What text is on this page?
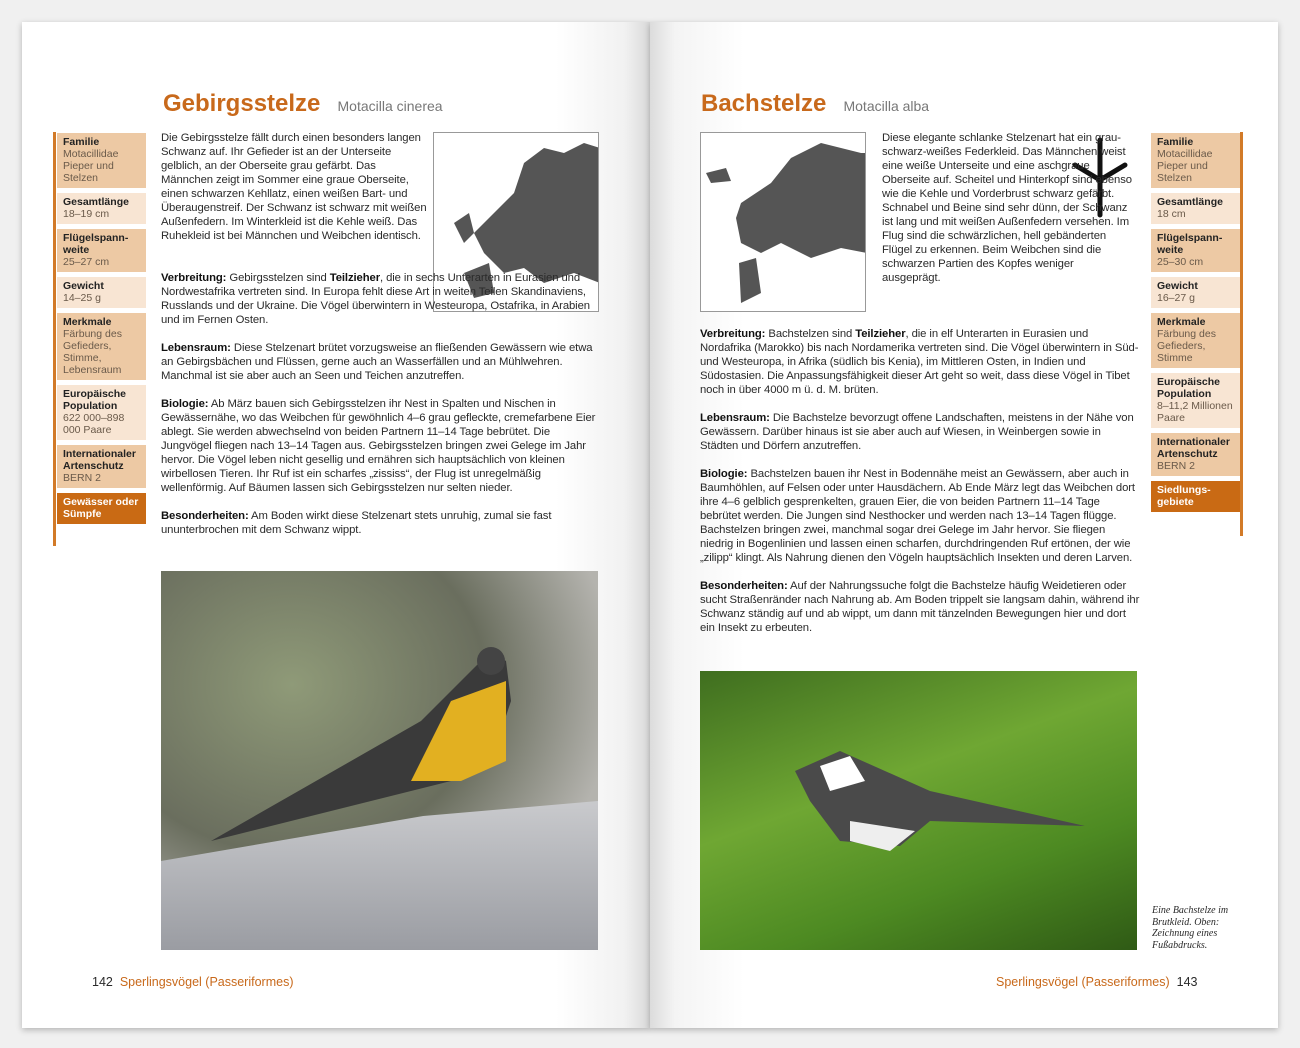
Gebirgsstelze Motacilla cinerea
Familie
Motacillidae Pieper und Stelzen
Gesamtlänge
18–19 cm
Flügelspann-weite
25–27 cm
Gewicht
14–25 g
Merkmale
Färbung des Gefieders, Stimme, Lebensraum
Europäische Population
622 000–898 000 Paare
Internationaler Artenschutz
BERN 2
Gewässer oder Sümpfe

Die Gebirgsstelze fällt durch einen besonders langen Schwanz auf. Ihr Gefieder ist an der Unterseite gelblich, an der Oberseite grau gefärbt. Das Männchen zeigt im Sommer eine graue Oberseite, einen schwarzen Kehllatz, einen weißen Bart- und Überaugenstreif. Der Schwanz ist schwarz mit weißen Außenfedern. Im Winterkleid ist die Kehle weiß. Das Ruhekleid ist bei Männchen und Weibchen identisch.

Verbreitung: Gebirgsstelzen sind Teilzieher, die in sechs Unterarten in Eurasien und Nordwestafrika vertreten sind. In Europa fehlt diese Art in weiten Teilen Skandinaviens, Russlands und der Ukraine. Die Vögel überwintern in Westeuropa, Ostafrika, in Arabien und im Fernen Osten.

Lebensraum: Diese Stelzenart brütet vorzugsweise an fließenden Gewässern wie etwa an Gebirgsbächen und Flüssen, gerne auch an Wasserfällen und an Mühlwehren. Manchmal ist sie aber auch an Seen und Teichen anzutreffen.

Biologie: Ab März bauen sich Gebirgsstelzen ihr Nest in Spalten und Nischen in Gewässernähe, wo das Weibchen für gewöhnlich 4–6 grau gefleckte, cremefarbene Eier ablegt. Sie werden abwechselnd von beiden Partnern 11–14 Tage bebrütet. Die Jungvögel fliegen nach 13–14 Tagen aus. Gebirgsstelzen bringen zwei Gelege im Jahr hervor. Die Vögel leben nicht gesellig und ernähren sich hauptsächlich von kleinen wirbellosen Tieren. Ihr Ruf ist ein scharfes „zississ“, der Flug ist unregelmäßig wellenförmig. Auf Bäumen lassen sich Gebirgsstelzen nur selten nieder.

Besonderheiten: Am Boden wirkt diese Stelzenart stets unruhig, zumal sie fast ununterbrochen mit dem Schwanz wippt.

142 Sperlingsvögel (Passeriformes)
Bachstelze Motacilla alba
Familie
Motacillidae Pieper und Stelzen
Gesamtlänge
18 cm
Flügelspann-weite
25–30 cm
Gewicht
16–27 g
Merkmale
Färbung des Gefieders, Stimme
Europäische Population
8–11,2 Millionen Paare
Internationaler Artenschutz
BERN 2
Siedlungs-gebiete

Diese elegante schlanke Stelzenart hat ein grau-schwarz-weißes Federkleid. Das Männchen weist eine weiße Unterseite und eine aschgraue Oberseite auf. Scheitel und Hinterkopf sind ebenso wie die Kehle und Vorderbrust schwarz gefärbt. Schnabel und Beine sind sehr dünn, der Schwanz ist lang und mit weißen Außenfedern versehen. Im Flug sind die schwärzlichen, hell gebänderten Flügel zu erkennen. Beim Weibchen sind die schwarzen Partien des Kopfes weniger ausgeprägt.

Verbreitung: Bachstelzen sind Teilzieher, die in elf Unterarten in Eurasien und Nordafrika (Marokko) bis nach Nordamerika vertreten sind. Die Vögel überwintern in Süd- und Westeuropa, in Afrika (südlich bis Kenia), im Mittleren Osten, in Indien und Südostasien. Die Anpassungsfähigkeit dieser Art geht so weit, dass diese Vögel in Tibet noch in über 4000 m ü. d. M. brüten.

Lebensraum: Die Bachstelze bevorzugt offene Landschaften, meistens in der Nähe von Gewässern. Darüber hinaus ist sie aber auch auf Wiesen, in Weinbergen sowie in Städten und Dörfern anzutreffen.

Biologie: Bachstelzen bauen ihr Nest in Bodennähe meist an Gewässern, aber auch in Baumhöhlen, auf Felsen oder unter Hausdächern. Ab Ende März legt das Weibchen dort ihre 4–6 gelblich gesprenkelten, grauen Eier, die von beiden Partnern 11–14 Tage bebrütet werden. Die Jungen sind Nesthocker und werden nach 13–14 Tagen flügge. Bachstelzen bringen zwei, manchmal sogar drei Gelege im Jahr hervor. Sie fliegen niedrig in Bogenlinien und lassen einen scharfen, durchdringenden Ruf ertönen, der wie „zilipp“ klingt. Als Nahrung dienen den Vögeln hauptsächlich Insekten und deren Larven.

Besonderheiten: Auf der Nahrungssuche folgt die Bachstelze häufig Weidetieren oder sucht Straßenränder nach Nahrung ab. Am Boden trippelt sie langsam dahin, während ihr Schwanz ständig auf und ab wippt, um dann mit tänzelnden Bewegungen hier und dort ein Insekt zu erbeuten.

Eine Bachstelze im Brutkleid. Oben: Zeichnung eines Fußabdrucks.
Sperlingsvögel (Passeriformes) 143
